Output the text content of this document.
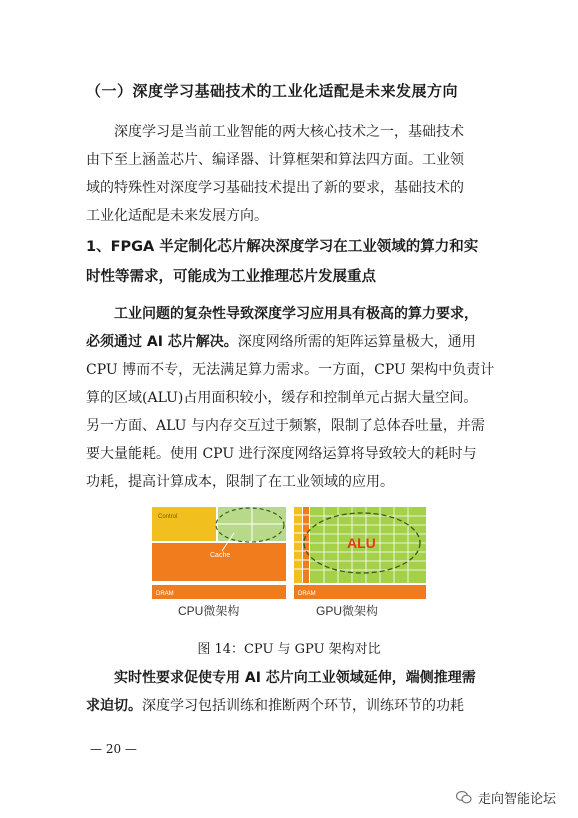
（一）深度学习基础技术的工业化适配是未来发展方向
深度学习是当前工业智能的两大核心技术之一，基础技术
由下至上涵盖芯片、编译器、计算框架和算法四方面。工业领
域的特殊性对深度学习基础技术提出了新的要求，基础技术的
工业化适配是未来发展方向。
1、FPGA 半定制化芯片解决深度学习在工业领域的算力和实
时性等需求，可能成为工业推理芯片发展重点
工业问题的复杂性导致深度学习应用具有极高的算力要求，
必须通过 AI 芯片解决。深度网络所需的矩阵运算量极大，通用
CPU 博而不专，无法满足算力需求。一方面，CPU 架构中负责计
算的区域(ALU)占用面积较小，缓存和控制单元占据大量空间。
另一方面、ALU 与内存交互过于频繁，限制了总体吞吐量，并需
要大量能耗。使用 CPU 进行深度网络运算将导致较大的耗时与
功耗，提高计算成本，限制了在工业领域的应用。
Control
Cache
DRAM
ALU
DRAM
CPU微架构	GPU微架构
图 14：CPU 与 GPU 架构对比
实时性要求促使专用 AI 芯片向工业领域延伸，端侧推理需
求迫切。深度学习包括训练和推断两个环节，训练环节的功耗
— 20 —
走向智能论坛
